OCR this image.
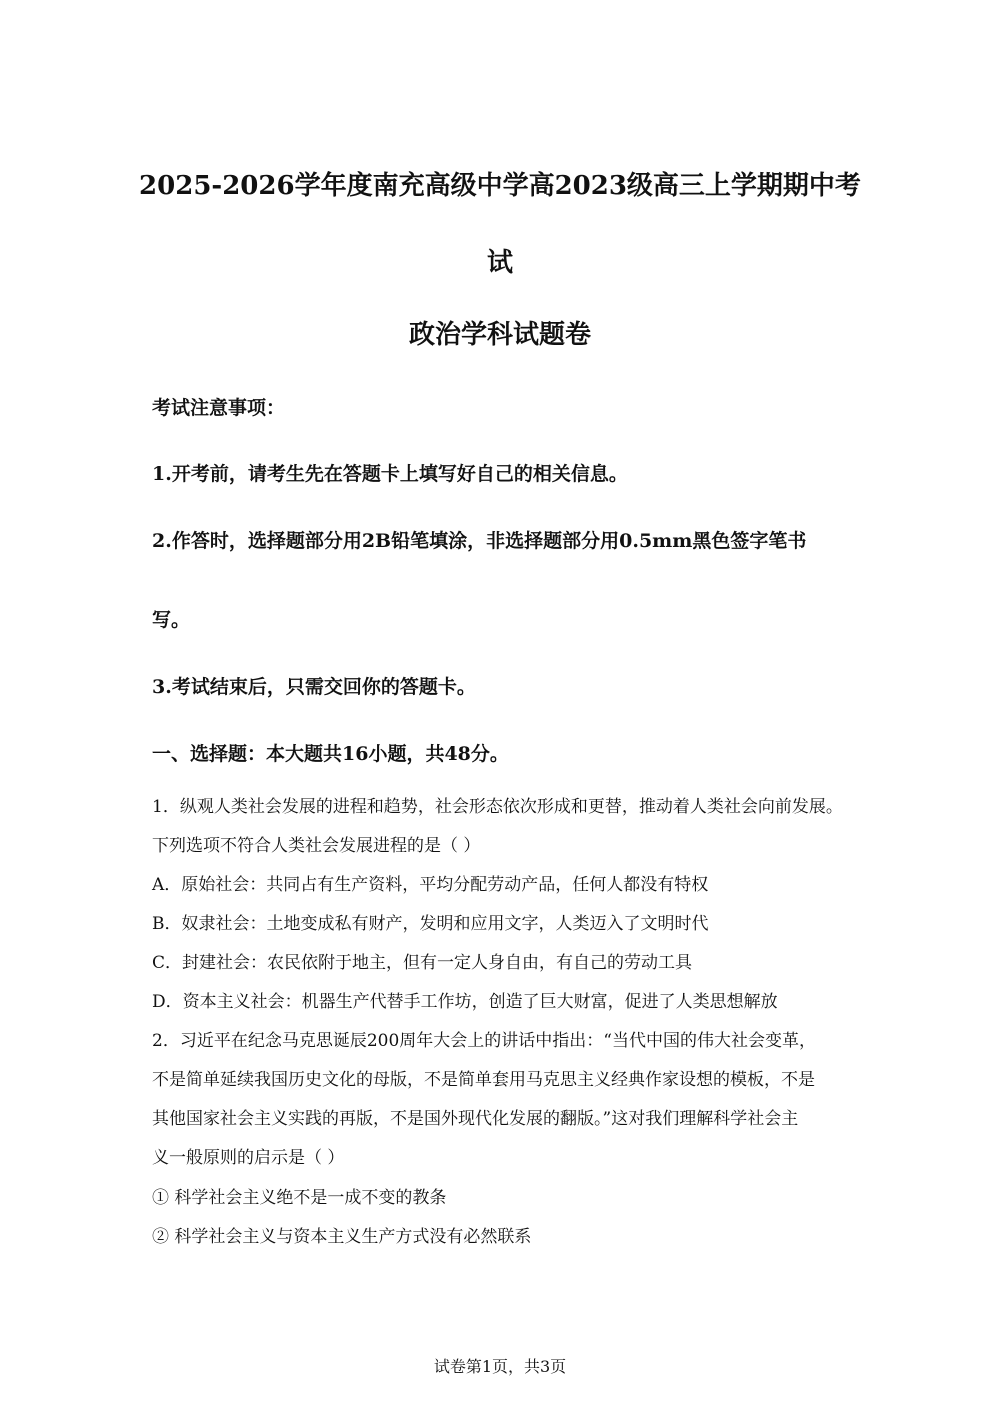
2025-2026学年度南充高级中学高2023级高三上学期期中考
试
政治学科试题卷
考试注意事项：
1.开考前，请考生先在答题卡上填写好自己的相关信息。
2.作答时，选择题部分用2B铅笔填涂，非选择题部分用0.5mm黑色签字笔书
写。
3.考试结束后，只需交回你的答题卡。
一、选择题：本大题共16小题，共48分。
1．纵观人类社会发展的进程和趋势，社会形态依次形成和更替，推动着人类社会向前发展。
下列选项不符合人类社会发展进程的是（ ）
A．原始社会：共同占有生产资料，平均分配劳动产品，任何人都没有特权
B．奴隶社会：土地变成私有财产，发明和应用文字，人类迈入了文明时代
C．封建社会：农民依附于地主，但有一定人身自由，有自己的劳动工具
D．资本主义社会：机器生产代替手工作坊，创造了巨大财富，促进了人类思想解放
2．习近平在纪念马克思诞辰200周年大会上的讲话中指出：“当代中国的伟大社会变革，
不是简单延续我国历史文化的母版，不是简单套用马克思主义经典作家设想的模板，不是
其他国家社会主义实践的再版，不是国外现代化发展的翻版。”这对我们理解科学社会主
义一般原则的启示是（ ）
① 科学社会主义绝不是一成不变的教条
② 科学社会主义与资本主义生产方式没有必然联系
试卷第1页，共3页
